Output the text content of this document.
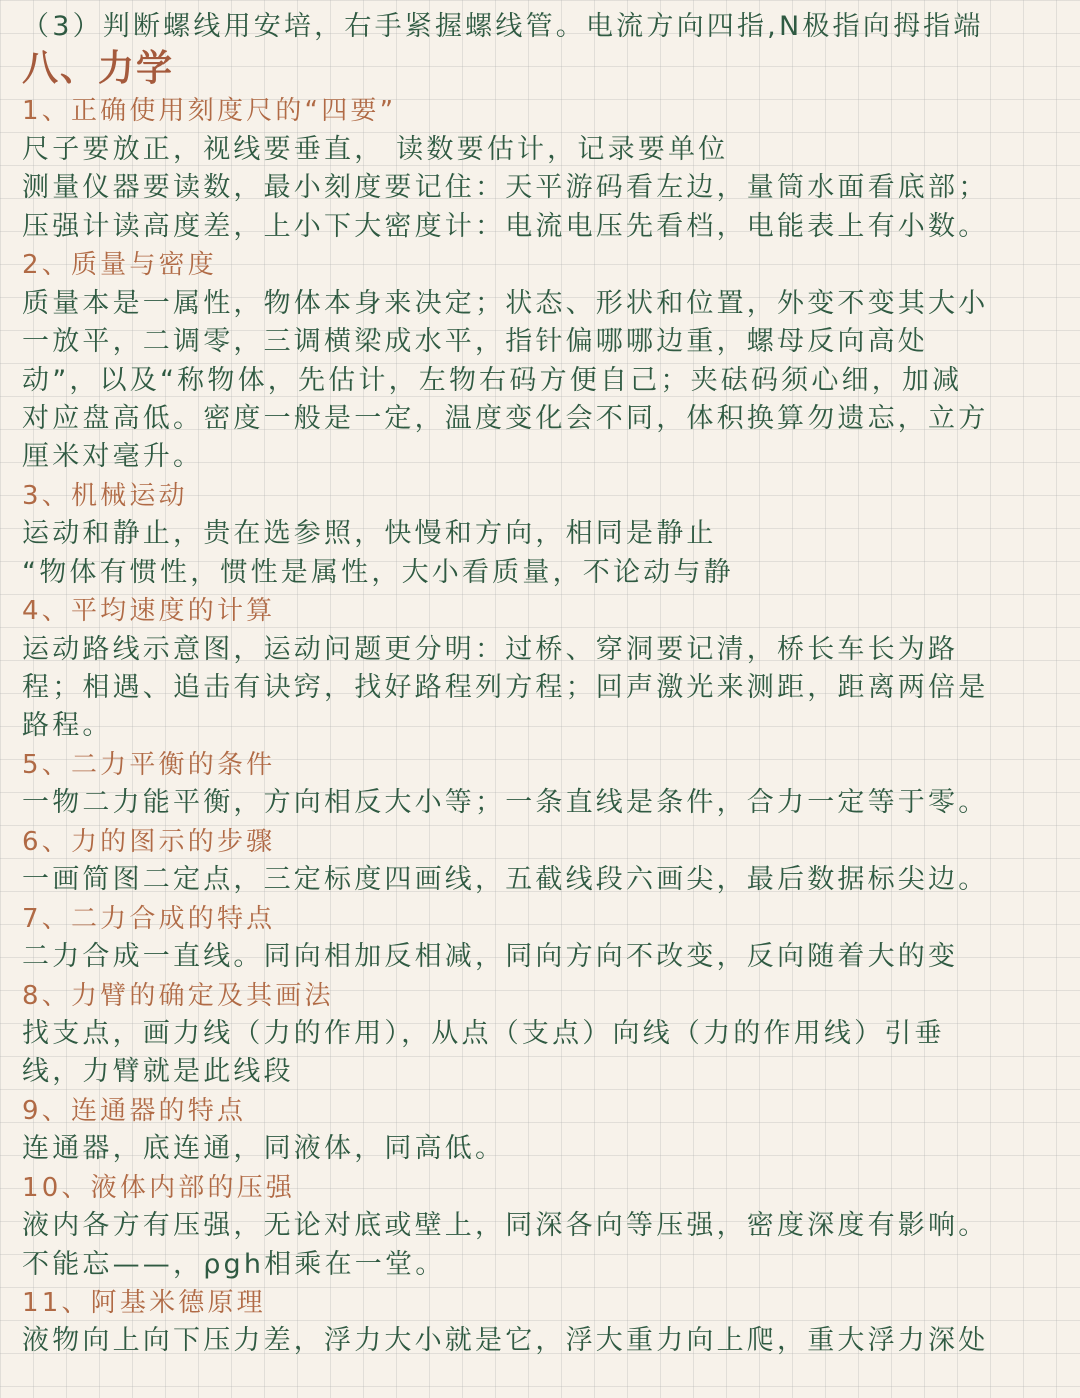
（3）判断螺线用安培，右手紧握螺线管。电流方向四指,N极指向拇指端
八、力学
1、正确使用刻度尺的“四要”
尺子要放正，视线要垂直， 读数要估计，记录要单位
测量仪器要读数，最小刻度要记住：天平游码看左边，量筒水面看底部；
压强计读高度差，上小下大密度计：电流电压先看档，电能表上有小数。
2、质量与密度
质量本是一属性，物体本身来决定；状态、形状和位置，外变不变其大小
一放平，二调零，三调横梁成水平，指针偏哪哪边重，螺母反向高处
动”，以及“称物体，先估计，左物右码方便自己；夹砝码须心细，加减
对应盘高低。密度一般是一定，温度变化会不同，体积换算勿遗忘，立方
厘米对毫升。
3、机械运动
运动和静止，贵在选参照，快慢和方向，相同是静止
“物体有惯性，惯性是属性，大小看质量，不论动与静
4、平均速度的计算
运动路线示意图，运动问题更分明：过桥、穿洞要记清，桥长车长为路
程；相遇、追击有诀窍，找好路程列方程；回声激光来测距，距离两倍是
路程。
5、二力平衡的条件
一物二力能平衡，方向相反大小等；一条直线是条件，合力一定等于零。
6、力的图示的步骤
一画简图二定点，三定标度四画线，五截线段六画尖，最后数据标尖边。
7、二力合成的特点
二力合成一直线。同向相加反相减，同向方向不改变，反向随着大的变
8、力臂的确定及其画法
找支点，画力线（力的作用），从点（支点）向线（力的作用线）引垂
线，力臂就是此线段
9、连通器的特点
连通器，底连通，同液体，同高低。
10、液体内部的压强
液内各方有压强，无论对底或壁上，同深各向等压强，密度深度有影响。
不能忘——，ρgh相乘在一堂。
11、阿基米德原理
液物向上向下压力差，浮力大小就是它，浮大重力向上爬，重大浮力深处
